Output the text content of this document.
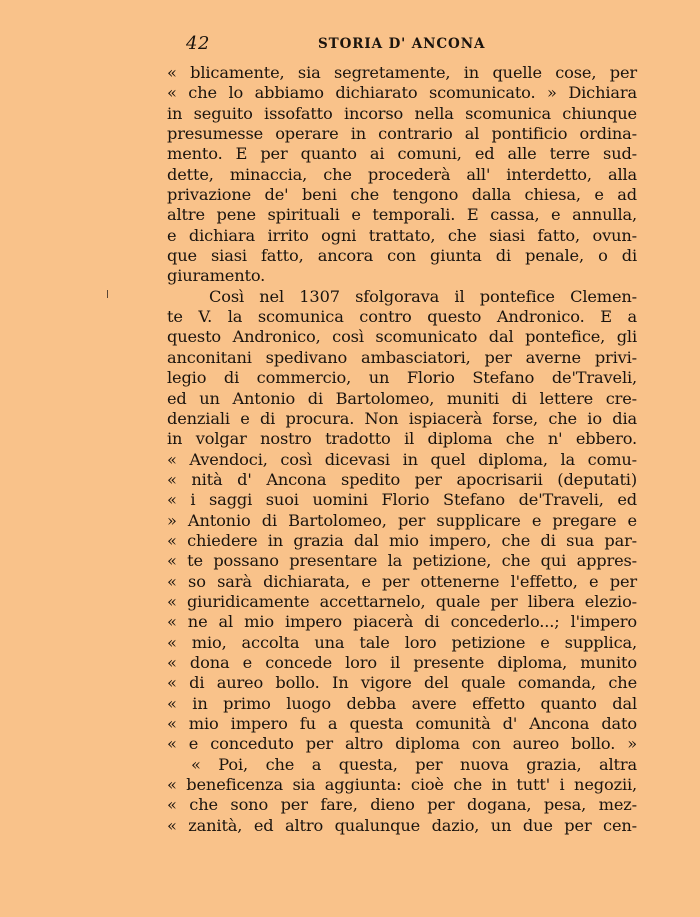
42	STORIA D' ANCONA
« blicamente, sia segretamente, in quelle cose, per
« che lo abbiamo dichiarato scomunicato. » Dichiara
in seguito issofatto incorso nella scomunica chiunque
presumesse operare in contrario al pontificio ordina-
mento. E per quanto ai comuni, ed alle terre sud-
dette, minaccia, che procederà all' interdetto, alla
privazione de' beni che tengono dalla chiesa, e ad
altre pene spirituali e temporali. E cassa, e annulla,
e dichiara irrito ogni trattato, che siasi fatto, ovun-
que siasi fatto, ancora con giunta di penale, o di
giuramento.
Così nel 1307 sfolgorava il pontefice Clemen-
te V. la scomunica contro questo Andronico. E a
questo Andronico, così scomunicato dal pontefice, gli
anconitani spedivano ambasciatori, per averne privi-
legio di commercio, un Florio Stefano de'Traveli,
ed un Antonio di Bartolomeo, muniti di lettere cre-
denziali e di procura. Non ispiacerà forse, che io dia
in volgar nostro tradotto il diploma che n' ebbero.
« Avendoci, così dicevasi in quel diploma, la comu-
« nità d' Ancona spedito per apocrisarii (deputati)
« i saggi suoi uomini Florio Stefano de'Traveli, ed
» Antonio di Bartolomeo, per supplicare e pregare e
« chiedere in grazia dal mio impero, che di sua par-
« te possano presentare la petizione, che qui appres-
« so sarà dichiarata, e per ottenerne l'effetto, e per
« giuridicamente accettarnelo, quale per libera elezio-
« ne al mio impero piacerà di concederlo...; l'impero
« mio, accolta una tale loro petizione e supplica,
« dona e concede loro il presente diploma, munito
« di aureo bollo. In vigore del quale comanda, che
« in primo luogo debba avere effetto quanto dal
« mio impero fu a questa comunità d' Ancona dato
« e conceduto per altro diploma con aureo bollo. »
« Poi, che a questa, per nuova grazia, altra
« beneficenza sia aggiunta: cioè che in tutt' i negozii,
« che sono per fare, dieno per dogana, pesa, mez-
« zanità, ed altro qualunque dazio, un due per cen-
